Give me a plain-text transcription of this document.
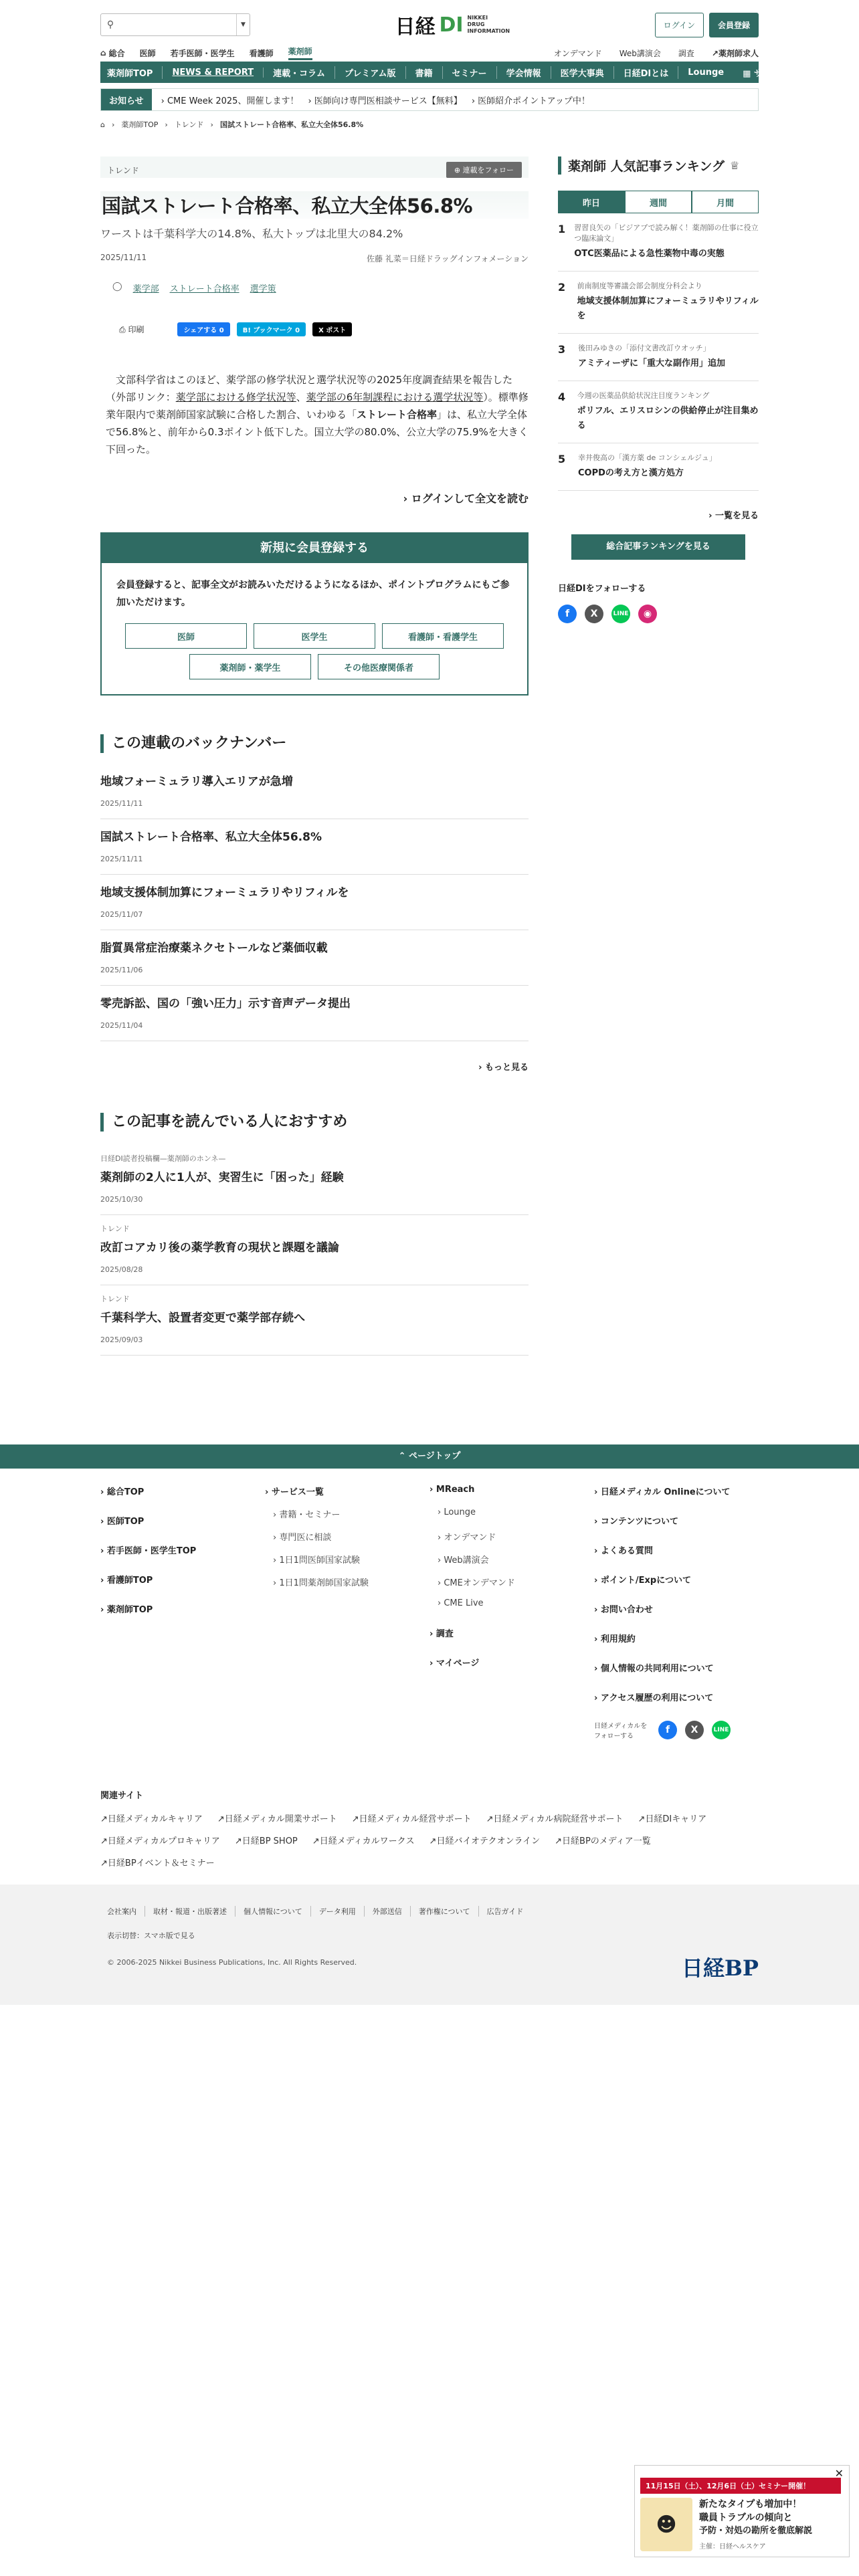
⚲	▼	日経 DI NIKKEI
DRUG
INFORMATION
ログイン	会員登録
⌂ 総合 医師 若手医師・医学生 看護師 薬剤師	オンデマンド Web講演会 調査 ↗薬剤師求人
薬剤師TOP	NEWS & REPORT	連載・コラム	プレミアム版	書籍	セミナー	学会情報	医学大事典	日経DIとは	Lounge	▦ サービス
お知らせ	› CME Week 2025、開催します！ › 医師向け専門医相談サービス【無料】 › 医師紹介ポイントアップ中！
⌂ › 薬剤師TOP › トレンド › 国試ストレート合格率、私立大全体56.8%
トレンド	⊕ 連載をフォロー
国試ストレート合格率、私立大全体56.8%
ワーストは千葉科学大の14.8%、私大トップは北里大の84.2%
2025/11/11	佐藤 礼菜＝日経ドラッグインフォメーション
◯ 薬学部 ストレート合格率 選学策
⎙ 印刷	シェアする 0	B! ブックマーク 0	X ポスト
　文部科学省はこのほど、薬学部の修学状況と選学状況等の2025年度調査結果を報告した（外部リンク：薬学部における修学状況等、薬学部の6年制課程における選学状況等）。標準修業年限内で薬剤師国家試験に合格した割合、いわゆる「ストレート合格率」は、私立大学全体で56.8%と、前年から0.3ポイント低下した。国立大学の80.0%、公立大学の75.9%を大きく下回った。
› ログインして全文を読む
新規に会員登録する
会員登録すると、記事全文がお読みいただけるようになるほか、ポイントプログラムにもご参加いただけます。
医師	医学生	看護師・看護学生
薬剤師・薬学生	その他医療関係者
この連載のバックナンバー
地域フォーミュラリ導入エリアが急増
2025/11/11
国試ストレート合格率、私立大全体56.8%
2025/11/11
地域支援体制加算にフォーミュラリやリフィルを
2025/11/07
脂質異常症治療薬ネクセトールなど薬価収載
2025/11/06
零売訴訟、国の「強い圧力」示す音声データ提出
2025/11/04
› もっと見る
この記事を読んでいる人におすすめ
日経DI読者投稿欄—薬剤師のホンネ—
薬剤師の2人に1人が、実習生に「困った」経験
2025/10/30
トレンド
改訂コアカリ後の薬学教育の現状と課題を議論
2025/08/28
トレンド
千葉科学大、設置者変更で薬学部存続へ
2025/09/03
薬剤師 人気記事ランキング ♕
昨日	週間	月間
1	習習良矢の「ビジアプで読み解く！薬剤師の仕事に役立つ臨床論文」
OTC医薬品による急性薬物中毒の実態
2	前南制度等審議会部会制度分科会より
地域支援体制加算にフォーミュラリやリフィルを
3	後田みゆきの「添付文書改訂ウオッチ」
アミティーザに「重大な副作用」追加
4	今週の医薬品供給状況注目度ランキング
ポリフル、エリスロシンの供給停止が注目集める
5	幸井俊高の「漢方薬 de コンシェルジュ」
COPDの考え方と漢方処方
› 一覧を見る
総合記事ランキングを見る
日経DIをフォローする
f	X	LINE	◉
⌃ ページトップ
› 総合TOP
› 医師TOP
› 若手医師・医学生TOP
› 看護師TOP
› 薬剤師TOP
› サービス一覧
› 書籍・セミナー
› 専門医に相談
› 1日1問医師国家試験
› 1日1問薬剤師国家試験
› MReach
› Lounge
› オンデマンド
› Web講演会
› CMEオンデマンド
› CME Live
› 調査
› マイページ
› 日経メディカル Onlineについて
› コンテンツについて
› よくある質問
› ポイント/Expについて
› お問い合わせ
› 利用規約
› 個人情報の共同利用について
› アクセス履歴の利用について
日経メディカルをフォローする
f	X	LINE
関連サイト
↗日経メディカルキャリア ↗日経メディカル開業サポート ↗日経メディカル経営サポート ↗日経メディカル病院経営サポート ↗日経DIキャリア
↗日経メディカルプロキャリア ↗日経BP SHOP ↗日経メディカルワークス ↗日経バイオテクオンライン ↗日経BPのメディア一覧
↗日経BPイベント＆セミナー
会社案内	取材・報道・出版著述	個人情報について	データ利用	外部送信	著作権について	広告ガイド
表示切替：スマホ版で見る
© 2006-2025 Nikkei Business Publications, Inc. All Rights Reserved.	日経BP
✕
11月15日（土）、12月6日（土）セミナー開催！
☻
新たなタイプも増加中！
職員トラブルの傾向と
予防・対処の勘所を徹底解説
主催：日経ヘルスケア
